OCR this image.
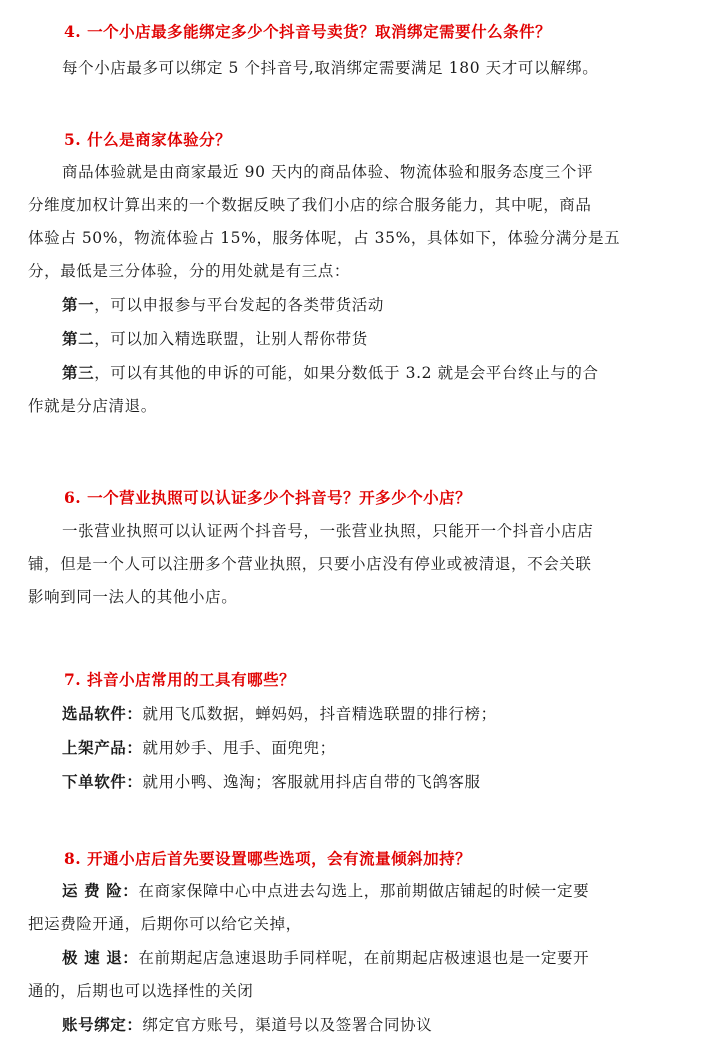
4. 一个小店最多能绑定多少个抖音号卖货？取消绑定需要什么条件？
每个小店最多可以绑定 5 个抖音号,取消绑定需要满足 180 天才可以解绑。
5. 什么是商家体验分？

商品体验就是由商家最近 90 天内的商品体验、物流体验和服务态度三个评

分维度加权计算出来的一个数据反映了我们小店的综合服务能力，其中呢，商品

体验占 50%，物流体验占 15%，服务体呢，占 35%，具体如下，体验分满分是五

分，最低是三分体验，分的用处就是有三点：

第一，可以申报参与平台发起的各类带货活动

第二，可以加入精选联盟，让别人帮你带货

第三，可以有其他的申诉的可能，如果分数低于 3.2 就是会平台终止与的合

作就是分店清退。

6. 一个营业执照可以认证多少个抖音号？开多少个小店？

一张营业执照可以认证两个抖音号，一张营业执照，只能开一个抖音小店店

铺，但是一个人可以注册多个营业执照，只要小店没有停业或被清退，不会关联

影响到同一法人的其他小店。

7. 抖音小店常用的工具有哪些？

选品软件：就用飞瓜数据，蝉妈妈，抖音精选联盟的排行榜；

上架产品：就用妙手、甩手、面兜兜；

下单软件：就用小鸭、逸淘；客服就用抖店自带的飞鸽客服

8. 开通小店后首先要设置哪些选项，会有流量倾斜加持？

运 费 险：在商家保障中心中点进去勾选上，那前期做店铺起的时候一定要

把运费险开通，后期你可以给它关掉，

极 速 退：在前期起店急速退助手同样呢，在前期起店极速退也是一定要开

通的，后期也可以选择性的关闭

账号绑定：绑定官方账号，渠道号以及签署合同协议
